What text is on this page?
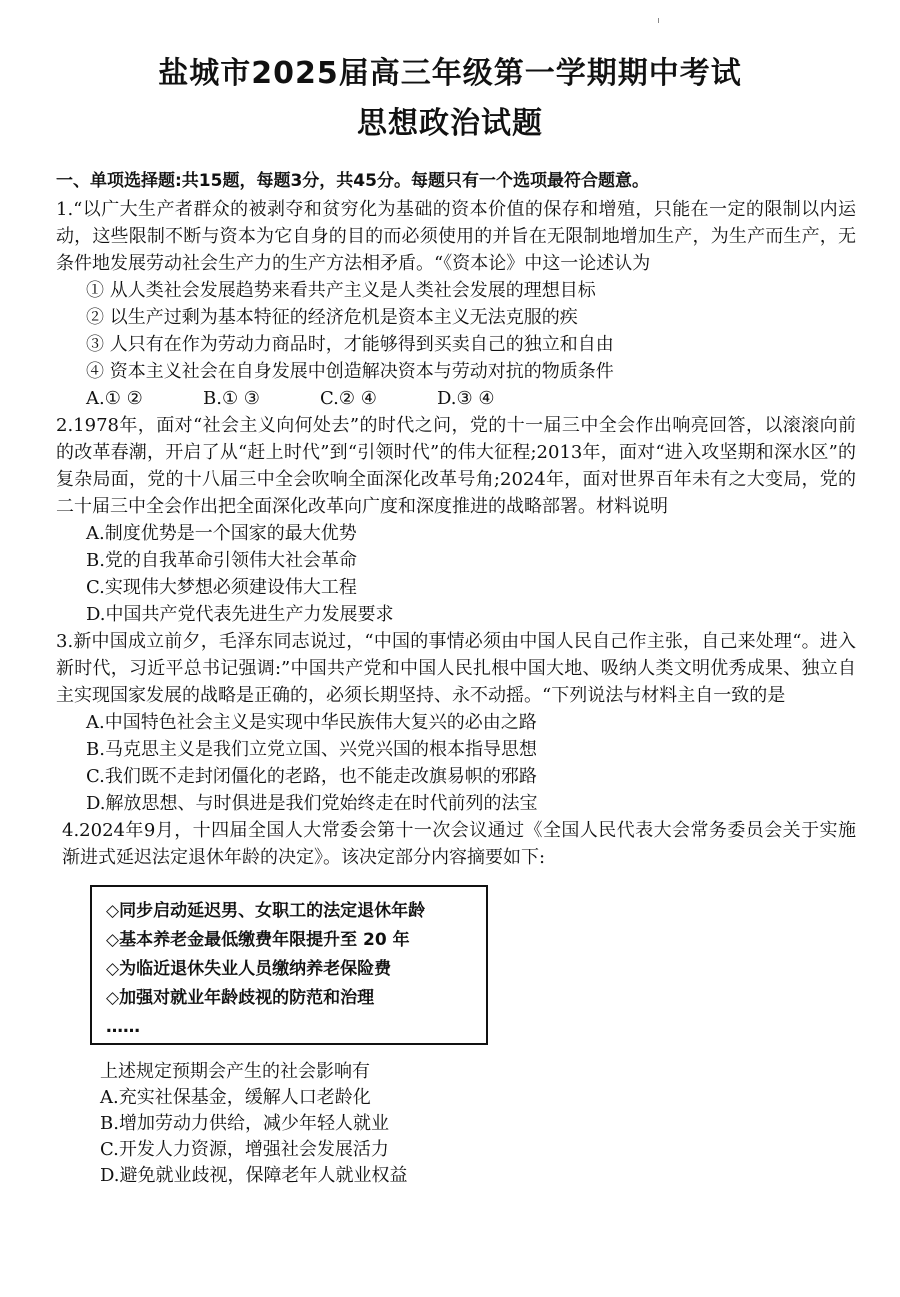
盐城市2025届高三年级第一学期期中考试
思想政治试题

一、单项选择题:共15题，每题3分，共45分。每题只有一个选项最符合题意。

1.“以广大生产者群众的被剥夺和贫穷化为基础的资本价值的保存和增殖，只能在一定的限制以内运动，这些限制不断与资本为它自身的目的而必须使用的并旨在无限制地增加生产，为生产而生产，无条件地发展劳动社会生产力的生产方法相矛盾。“《资本论》中这一论述认为

① 从人类社会发展趋势来看共产主义是人类社会发展的理想目标

② 以生产过剩为基本特征的经济危机是资本主义无法克服的疾

③ 人只有在作为劳动力商品时，才能够得到买卖自己的独立和自由

④ 资本主义社会在自身发展中创造解决资本与劳动对抗的物质条件

A.① ②	B.① ③	C.② ④	D.③ ④

2.1978年，面对“社会主义向何处去”的时代之问，党的十一届三中全会作出响亮回答，以滚滚向前的改革春潮，开启了从“赶上时代”到“引领时代”的伟大征程;2013年，面对“进入攻坚期和深水区”的复杂局面，党的十八届三中全会吹响全面深化改革号角;2024年，面对世界百年未有之大变局，党的二十届三中全会作出把全面深化改革向广度和深度推进的战略部署。材料说明

A.制度优势是一个国家的最大优势

B.党的自我革命引领伟大社会革命

C.实现伟大梦想必须建设伟大工程

D.中国共产党代表先进生产力发展要求

3.新中国成立前夕，毛泽东同志说过，“中国的事情必须由中国人民自己作主张，自己来处理“。进入新时代，习近平总书记强调:”中国共产党和中国人民扎根中国大地、吸纳人类文明优秀成果、独立自主实现国家发展的战略是正确的，必须长期坚持、永不动摇。“下列说法与材料主自一致的是

A.中国特色社会主义是实现中华民族伟大复兴的必由之路

B.马克思主义是我们立党立国、兴党兴国的根本指导思想

C.我们既不走封闭僵化的老路，也不能走改旗易帜的邪路

D.解放思想、与时俱进是我们党始终走在时代前列的法宝

4.2024年9月，十四届全国人大常委会第十一次会议通过《全国人民代表大会常务委员会关于实施渐进式延迟法定退休年龄的决定》。该决定部分内容摘要如下:

◇同步启动延迟男、女职工的法定退休年龄

◇基本养老金最低缴费年限提升至 20 年

◇为临近退休失业人员缴纳养老保险费

◇加强对就业年龄歧视的防范和治理

……

上述规定预期会产生的社会影响有

A.充实社保基金，缓解人口老龄化

B.增加劳动力供给，减少年轻人就业

C.开发人力资源，增强社会发展活力

D.避免就业歧视，保障老年人就业权益
